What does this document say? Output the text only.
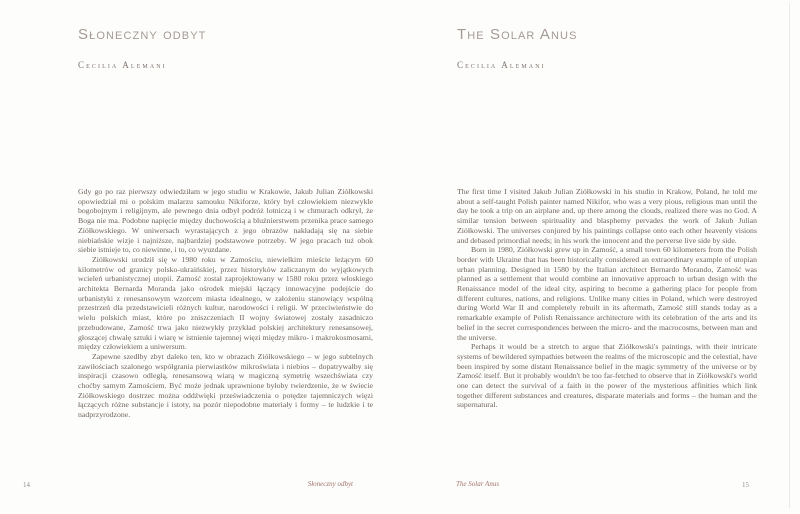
Słoneczny odbyt
Cecilia Alemani

Gdy go po raz pierwszy odwiedziłam w jego studiu w Krakowie, Jakub Julian Ziółkowski opowiedział mi o polskim malarzu samouku Nikiforze, który był człowiekiem niezwykle bogobojnym i religijnym, ale pewnego dnia odbył podróż lotniczą i w chmurach odkrył, że Boga nie ma. Podobne napięcie między duchowością a bluźnierstwem przenika prace samego Ziółkowskiego. W uniwersach wyrastających z jego obrazów nakładają się na siebie niebiańskie wizje i najniższe, najbardziej podstawowe potrzeby. W jego pracach tuż obok siebie istnieje to, co niewinne, i to, co wyuzdane.

Ziółkowski urodził się w 1980 roku w Zamościu, niewielkim mieście leżącym 60 kilometrów od granicy polsko-ukraińskiej, przez historyków zaliczanym do wyjątkowych wcieleń urbanistycznej utopii. Zamość został zaprojektowany w 1580 roku przez włoskiego architekta Bernarda Moranda jako ośrodek miejski łączący innowacyjne podejście do urbanistyki z renesansowym wzorcem miasta idealnego, w założeniu stanowiący wspólną przestrzeń dla przedstawicieli różnych kultur, narodowości i religii. W przeciwieństwie do wielu polskich miast, które po zniszczeniach II wojny światowej zostały zasadniczo przebudowane, Zamość trwa jako niezwykły przykład polskiej architektury renesansowej, głoszącej chwałę sztuki i wiarę w istnienie tajemnej więzi między mikro- i makrokosmosami, między człowiekiem a uniwersum.

Zapewne szedłby zbyt daleko ten, kto w obrazach Ziółkowskiego – w jego subtelnych zawiłościach szalonego współgrania pierwiastków mikroświata i niebios – dopatrywałby się inspiracji czasowo odległą, renesansową wiarą w magiczną symetrię wszechświata czy choćby samym Zamościem. Być może jednak uprawnione byłoby twierdzenie, że w świecie Ziółkowskiego dostrzec można oddźwięki przeświadczenia o potędze tajemniczych więzi łączących różne substancje i istoty, na pozór niepodobne materiały i formy – te ludzkie i te nadprzyrodzone.

Słoneczny odbyt
14
The Solar Anus
Cecilia Alemani

The first time I visited Jakub Julian Ziółkowski in his studio in Krakow, Poland, he told me about a self-taught Polish painter named Nikifor, who was a very pious, religious man until the day he took a trip on an airplane and, up there among the clouds, realized there was no God. A similar tension between spirituality and blasphemy pervades the work of Jakub Julian Ziółkowski. The universes conjured by his paintings collapse onto each other heavenly visions and debased primordial needs; in his work the innocent and the perverse live side by side.

Born in 1980, Ziółkowski grew up in Zamość, a small town 60 kilometers from the Polish border with Ukraine that has been historically considered an extraordinary example of utopian urban planning. Designed in 1580 by the Italian architect Bernardo Morando, Zamość was planned as a settlement that would combine an innovative approach to urban design with the Renaissance model of the ideal city, aspiring to become a gathering place for people from different cultures, nations, and religions. Unlike many cities in Poland, which were destroyed during World War II and completely rebuilt in its aftermath, Zamość still stands today as a remarkable example of Polish Renaissance architecture with its celebration of the arts and its belief in the secret correspondences between the micro- and the macrocosms, between man and the universe.

Perhaps it would be a stretch to argue that Ziółkowski's paintings, with their intricate systems of bewildered sympathies between the realms of the microscopic and the celestial, have been inspired by some distant Renaissance belief in the magic symmetry of the universe or by Zamość itself. But it probably wouldn't be too far-fetched to observe that in Ziółkowski's world one can detect the survival of a faith in the power of the mysterious affinities which link together different substances and creatures, disparate materials and forms – the human and the supernatural.

The Solar Anus	15
